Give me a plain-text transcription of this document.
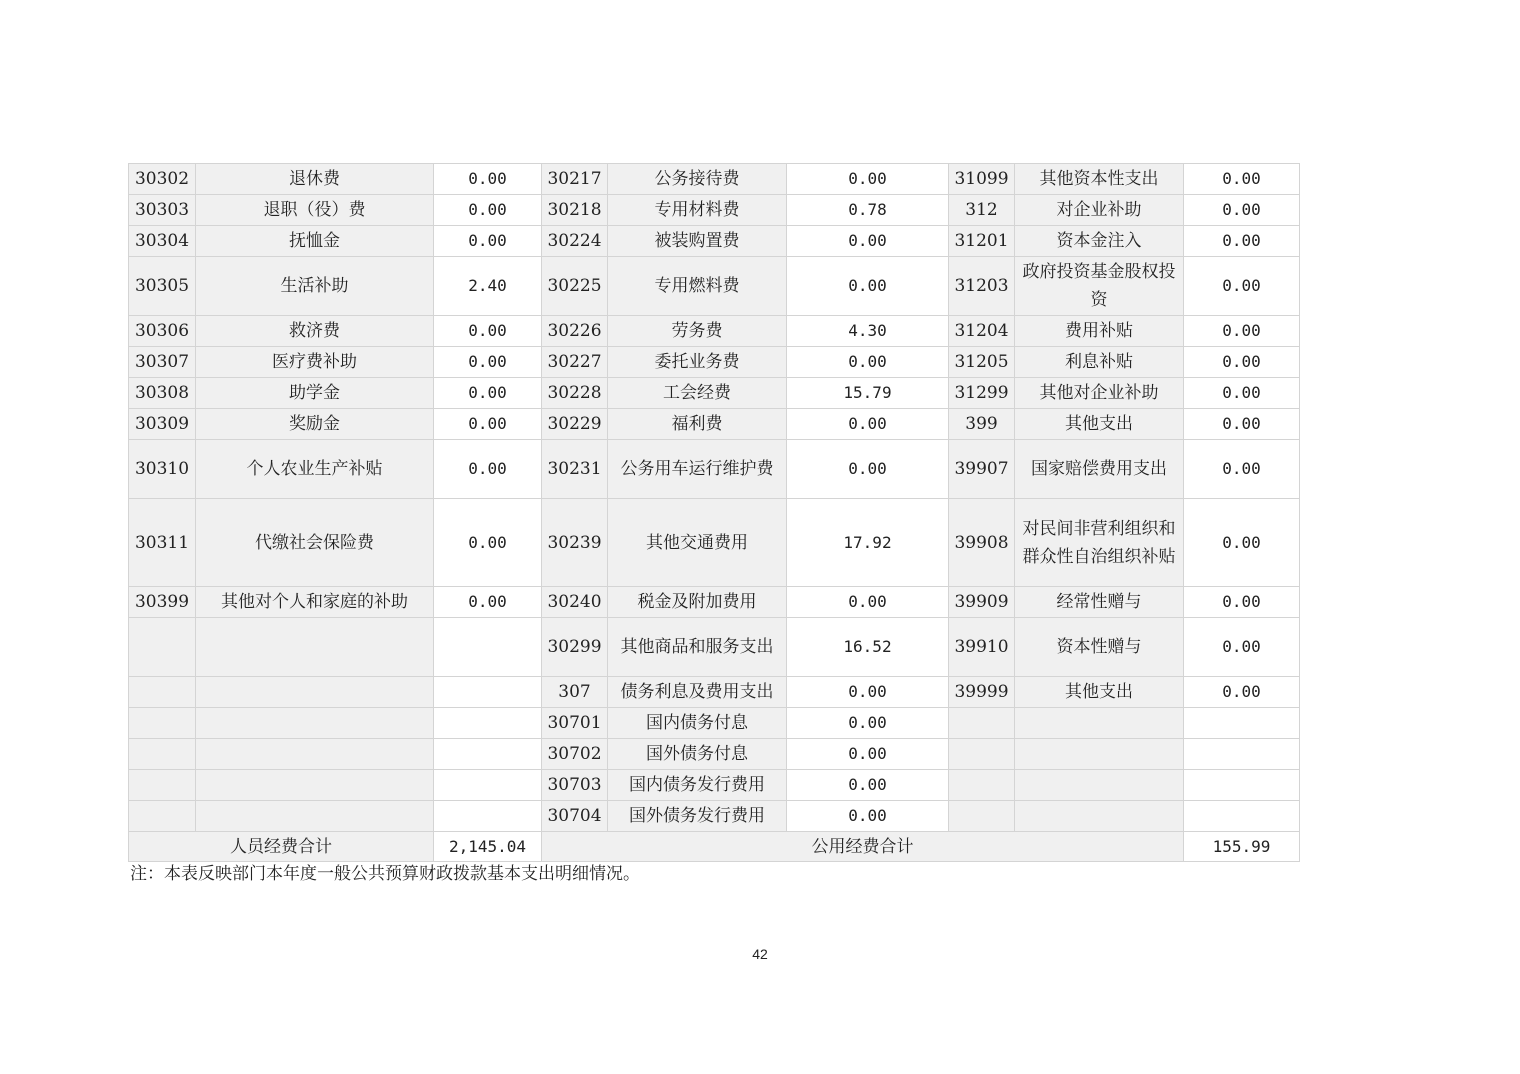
30302	退休费	0.00	30217	公务接待费	0.00	31099	其他资本性支出	0.00
30303	退职（役）费	0.00	30218	专用材料费	0.78	312	对企业补助	0.00
30304	抚恤金	0.00	30224	被装购置费	0.00	31201	资本金注入	0.00
30305	生活补助	2.40	30225	专用燃料费	0.00	31203	政府投资基金股权投资	0.00
30306	救济费	0.00	30226	劳务费	4.30	31204	费用补贴	0.00
30307	医疗费补助	0.00	30227	委托业务费	0.00	31205	利息补贴	0.00
30308	助学金	0.00	30228	工会经费	15.79	31299	其他对企业补助	0.00
30309	奖励金	0.00	30229	福利费	0.00	399	其他支出	0.00
30310	个人农业生产补贴	0.00	30231	公务用车运行维护费	0.00	39907	国家赔偿费用支出	0.00
30311	代缴社会保险费	0.00	30239	其他交通费用	17.92	39908	对民间非营利组织和群众性自治组织补贴	0.00
30399	其他对个人和家庭的补助	0.00	30240	税金及附加费用	0.00	39909	经常性赠与	0.00
			30299	其他商品和服务支出	16.52	39910	资本性赠与	0.00
			307	债务利息及费用支出	0.00	39999	其他支出	0.00
			30701	国内债务付息	0.00			
			30702	国外债务付息	0.00			
			30703	国内债务发行费用	0.00			
			30704	国外债务发行费用	0.00			
人员经费合计		2,145.04	公用经费合计					155.99
注：本表反映部门本年度一般公共预算财政拨款基本支出明细情况。
42
